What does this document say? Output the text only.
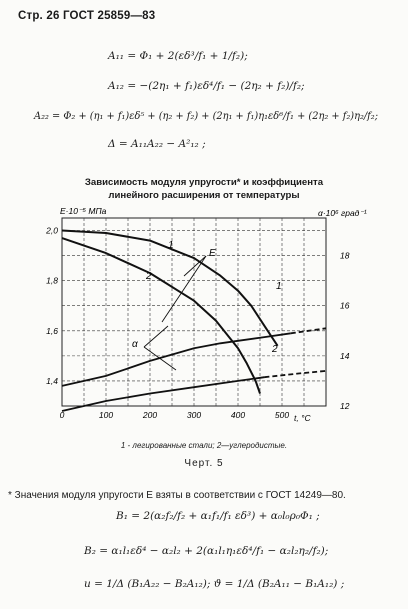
Стр. 26 ГОСТ 25859—83
A₁₁ = Φ₁ + 2(εδ³/f₁ + 1/f₂);
A₁₂ = −(2η₁ + f₁)εδ⁴/f₁ − (2η₂ + f₂)/f₂;
A₂₂ = Φ₂ + (η₁ + f₁)εδ⁵ + (η₂ + f₂) + (2η₁ + f₁)η₁εδ⁶/f₁ + (2η₂ + f₂)η₂/f₂;
Δ = A₁₁A₂₂ − A²₁₂ ;
Зависимость модуля упругости* и коэффициента
линейного расширения от температуры
E·10⁻⁵ МПа	α·10⁶ град⁻¹
t, °C
0	100	200	300	400	500
2,0
1,8
1,6
1,4
18
16
14
12
1
2
E
1
2
α
1 - легированные стали; 2—углеродистые.
Черт. 5
* Значения модуля упругости E взяты в соответствии с ГОСТ 14249—80.
B₁ = 2(α₂f₂/f₂ + α₁f₁/f₁ εδ³) + α₀l₀ρ₀Φ₁ ;
B₂ = α₁l₁εδ⁴ − α₂l₂ + 2(α₁l₁η₁εδ⁴/f₁ − α₂l₂η₂/f₂);
u = 1/Δ (B₁A₂₂ − B₂A₁₂); ϑ = 1/Δ (B₂A₁₁ − B₁A₁₂) ;
